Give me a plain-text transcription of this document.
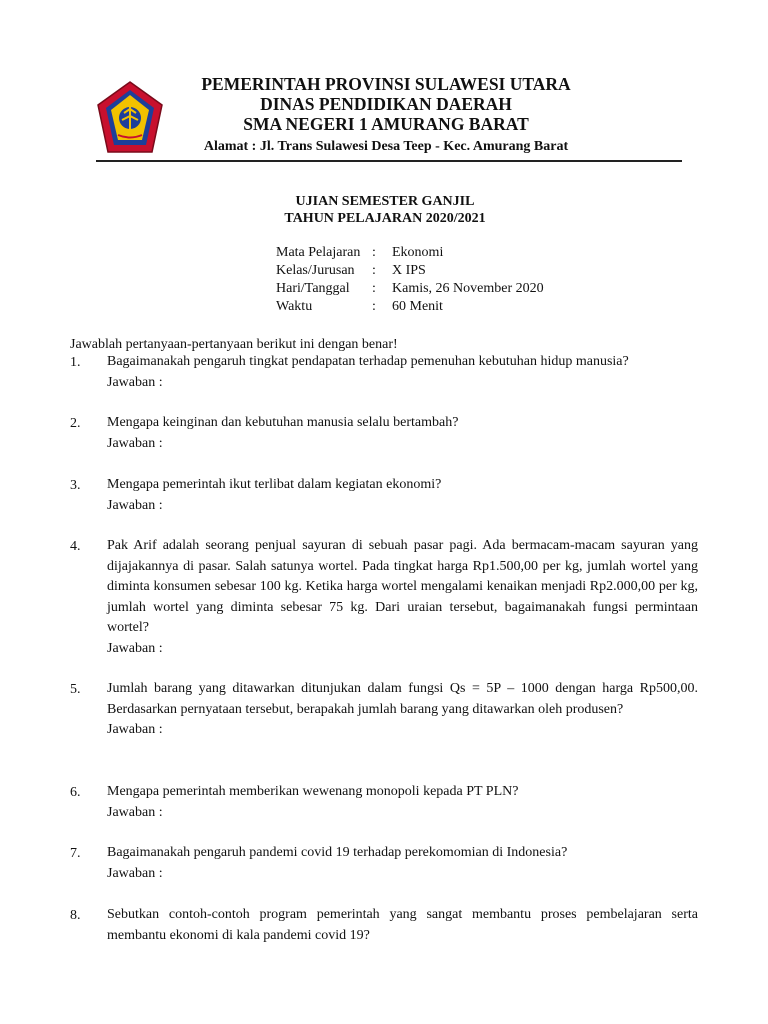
PEMERINTAH PROVINSI SULAWESI UTARA
DINAS PENDIDIKAN DAERAH
SMA NEGERI 1 AMURANG BARAT
Alamat : Jl. Trans Sulawesi Desa Teep - Kec. Amurang Barat
UJIAN SEMESTER GANJIL
TAHUN PELAJARAN 2020/2021
Mata Pelajaran :	Ekonomi
Kelas/Jurusan	:	X IPS
Hari/Tanggal	:	Kamis, 26 November 2020
Waktu	:	60 Menit
Jawablah pertanyaan-pertanyaan berikut ini dengan benar!
1. Bagaimanakah pengaruh tingkat pendapatan terhadap pemenuhan kebutuhan hidup manusia?
Jawaban :
2. Mengapa keinginan dan kebutuhan manusia selalu bertambah?
Jawaban :
3. Mengapa pemerintah ikut terlibat dalam kegiatan ekonomi?
Jawaban :
4. Pak Arif adalah seorang penjual sayuran di sebuah pasar pagi. Ada bermacam-macam sayuran yang dijajakannya di pasar. Salah satunya wortel. Pada tingkat harga Rp1.500,00 per kg, jumlah wortel yang diminta konsumen sebesar 100 kg. Ketika harga wortel mengalami kenaikan menjadi Rp2.000,00 per kg, jumlah wortel yang diminta sebesar 75 kg. Dari uraian tersebut, bagaimanakah fungsi permintaan wortel?
Jawaban :
5. Jumlah barang yang ditawarkan ditunjukan dalam fungsi Qs = 5P – 1000 dengan harga Rp500,00. Berdasarkan pernyataan tersebut, berapakah jumlah barang yang ditawarkan oleh produsen?
Jawaban :
6. Mengapa pemerintah memberikan wewenang monopoli kepada PT PLN?
Jawaban :
7. Bagaimanakah pengaruh pandemi covid 19 terhadap perekomomian di Indonesia?
Jawaban :
8. Sebutkan contoh-contoh program pemerintah yang sangat membantu proses pembelajaran serta membantu ekonomi di kala pandemi covid 19?
